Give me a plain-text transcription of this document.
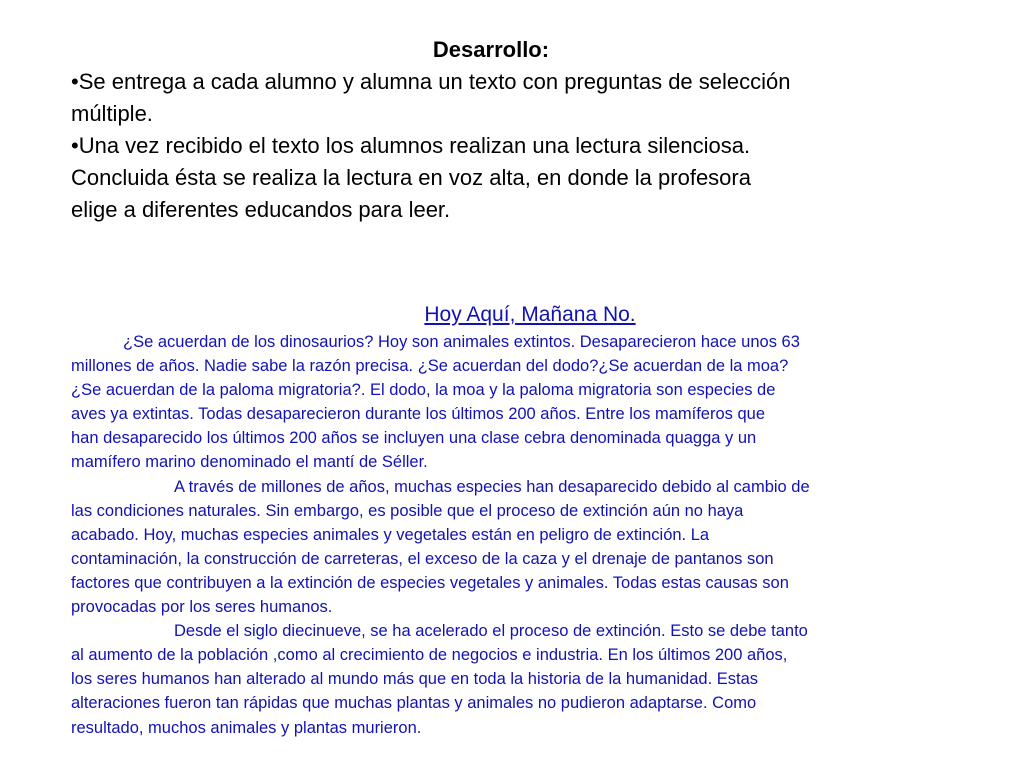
Desarrollo:
•Se entrega a cada alumno y alumna un texto con preguntas de selección
múltiple.
•Una vez recibido el texto los alumnos realizan una lectura silenciosa.
Concluida ésta se realiza la lectura en voz alta, en donde la profesora
elige a diferentes educandos para leer.
Hoy Aquí, Mañana No.
¿Se acuerdan de los dinosaurios? Hoy son animales extintos. Desaparecieron hace unos 63
millones de años. Nadie sabe la razón precisa. ¿Se acuerdan del dodo?¿Se acuerdan de la moa?
¿Se acuerdan de la paloma migratoria?. El dodo, la moa y la paloma migratoria son especies de
aves ya extintas. Todas desaparecieron durante los últimos 200 años. Entre los mamíferos que
han desaparecido los últimos 200 años se incluyen una clase cebra denominada quagga y un
mamífero marino denominado el mantí de Séller.
A través de millones de años, muchas especies han desaparecido debido al cambio de
las condiciones naturales. Sin embargo, es posible que el proceso de extinción aún no haya
acabado. Hoy, muchas especies animales y vegetales están en peligro de extinción. La
contaminación, la construcción de carreteras, el exceso de la caza y el drenaje de pantanos son
factores que contribuyen a la extinción de especies vegetales y animales. Todas estas causas son
provocadas por los seres humanos.
Desde el siglo diecinueve, se ha acelerado el proceso de extinción. Esto se debe tanto
al aumento de la población ,como al crecimiento de negocios e industria. En los últimos 200 años,
los seres humanos han alterado al mundo más que en toda la historia de la humanidad. Estas
alteraciones fueron tan rápidas que muchas plantas y animales no pudieron adaptarse. Como
resultado, muchos animales y plantas murieron.
